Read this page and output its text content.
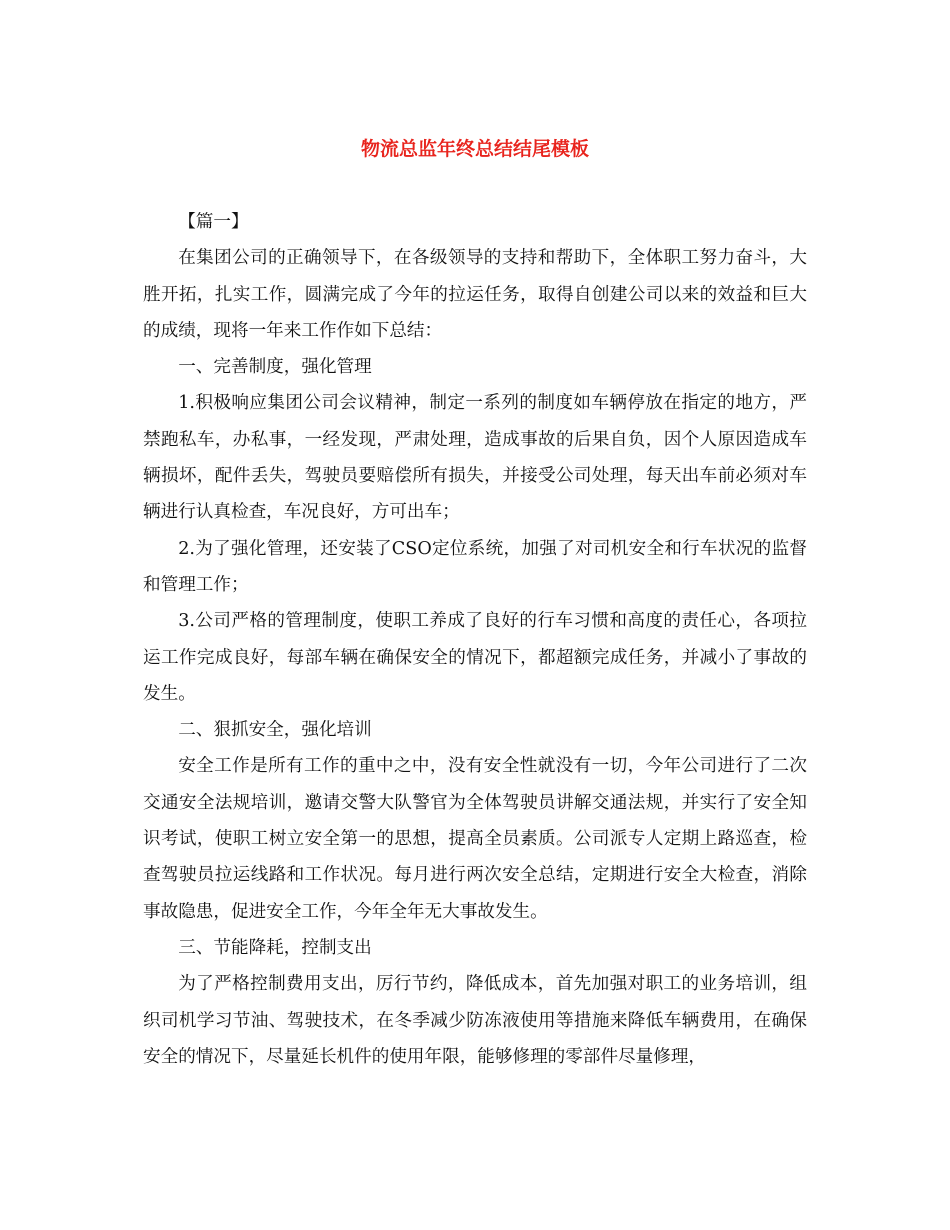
物流总监年终总结结尾模板

【篇一】

在集团公司的正确领导下，在各级领导的支持和帮助下，全体职工努力奋斗，大胜开拓，扎实工作，圆满完成了今年的拉运任务，取得自创建公司以来的效益和巨大的成绩，现将一年来工作作如下总结：

一、完善制度，强化管理

1.积极响应集团公司会议精神，制定一系列的制度如车辆停放在指定的地方，严禁跑私车，办私事，一经发现，严肃处理，造成事故的后果自负，因个人原因造成车辆损坏，配件丢失，驾驶员要赔偿所有损失，并接受公司处理，每天出车前必须对车辆进行认真检查，车况良好，方可出车；

2.为了强化管理，还安装了CSO定位系统，加强了对司机安全和行车状况的监督和管理工作；

3.公司严格的管理制度，使职工养成了良好的行车习惯和高度的责任心，各项拉运工作完成良好，每部车辆在确保安全的情况下，都超额完成任务，并减小了事故的发生。

二、狠抓安全，强化培训

安全工作是所有工作的重中之中，没有安全性就没有一切，今年公司进行了二次交通安全法规培训，邀请交警大队警官为全体驾驶员讲解交通法规，并实行了安全知识考试，使职工树立安全第一的思想，提高全员素质。公司派专人定期上路巡查，检查驾驶员拉运线路和工作状况。每月进行两次安全总结，定期进行安全大检查，消除事故隐患，促进安全工作，今年全年无大事故发生。

三、节能降耗，控制支出

为了严格控制费用支出，厉行节约，降低成本，首先加强对职工的业务培训，组织司机学习节油、驾驶技术，在冬季减少防冻液使用等措施来降低车辆费用，在确保安全的情况下，尽量延长机件的使用年限，能够修理的零部件尽量修理，
